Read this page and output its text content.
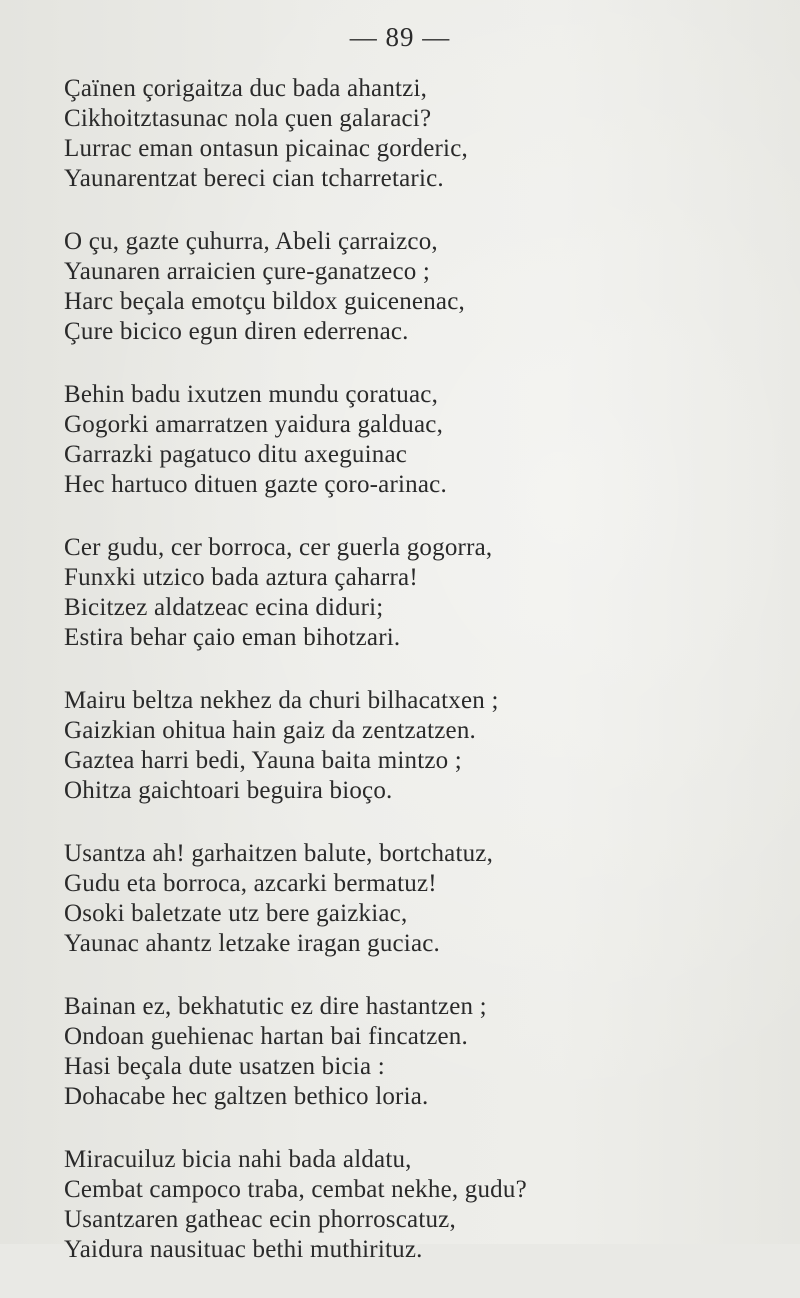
— 89 —
Çaïnen çorigaitza duc bada ahantzi,
Cikhoitztasunac nola çuen galaraci?
Lurrac eman ontasun picainac gorderic,
Yaunarentzat bereci cian tcharretaric.
O çu, gazte çuhurra, Abeli çarraizco,
Yaunaren arraicien çure-ganatzeco ;
Harc beçala emotçu bildox guicenenac,
Çure bicico egun diren ederrenac.
Behin badu ixutzen mundu çoratuac,
Gogorki amarratzen yaidura galduac,
Garrazki pagatuco ditu axeguinac
Hec hartuco dituen gazte çoro-arinac.
Cer gudu, cer borroca, cer guerla gogorra,
Funxki utzico bada aztura çaharra!
Bicitzez aldatzeac ecina diduri;
Estira behar çaio eman bihotzari.
Mairu beltza nekhez da churi bilhacatxen ;
Gaizkian ohitua hain gaiz da zentzatzen.
Gaztea harri bedi, Yauna baita mintzo ;
Ohitza gaichtoari beguira bioço.
Usantza ah! garhaitzen balute, bortchatuz,
Gudu eta borroca, azcarki bermatuz!
Osoki baletzate utz bere gaizkiac,
Yaunac ahantz letzake iragan guciac.
Bainan ez, bekhatutic ez dire hastantzen ;
Ondoan guehienac hartan bai fincatzen.
Hasi beçala dute usatzen bicia :
Dohacabe hec galtzen bethico loria.
Miracuiluz bicia nahi bada aldatu,
Cembat campoco traba, cembat nekhe, gudu?
Usantzaren gatheac ecin phorroscatuz,
Yaidura nausituac bethi muthirituz.
